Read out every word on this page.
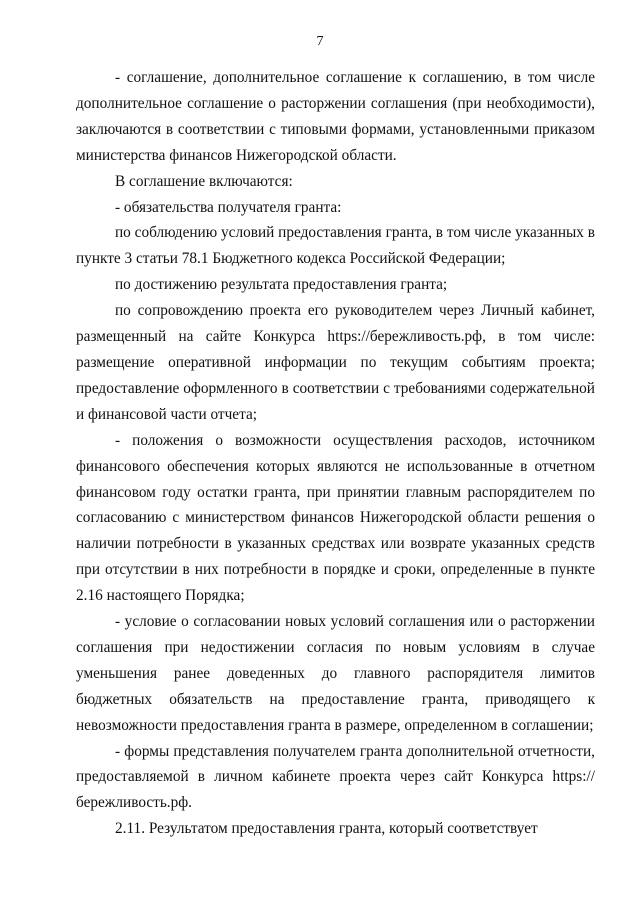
7

- соглашение, дополнительное соглашение к соглашению, в том числе дополнительное соглашение о расторжении соглашения (при необходимости), заключаются в соответствии с типовыми формами, установленными приказом министерства финансов Нижегородской области.

В соглашение включаются:

- обязательства получателя гранта:

по соблюдению условий предоставления гранта, в том числе указанных в пункте 3 статьи 78.1 Бюджетного кодекса Российской Федерации;

по достижению результата предоставления гранта;

по сопровождению проекта его руководителем через Личный кабинет, размещенный на сайте Конкурса https://бережливость.рф, в том числе: размещение оперативной информации по текущим событиям проекта; предоставление оформленного в соответствии с требованиями содержательной и финансовой части отчета;

- положения о возможности осуществления расходов, источником финансового обеспечения которых являются не использованные в отчетном финансовом году остатки гранта, при принятии главным распорядителем по согласованию с министерством финансов Нижегородской области решения о наличии потребности в указанных средствах или возврате указанных средств при отсутствии в них потребности в порядке и сроки, определенные в пункте 2.16 настоящего Порядка;

- условие о согласовании новых условий соглашения или о расторжении соглашения при недостижении согласия по новым условиям в случае уменьшения ранее доведенных до главного распорядителя лимитов бюджетных обязательств на предоставление гранта, приводящего к невозможности предоставления гранта в размере, определенном в соглашении;

- формы представления получателем гранта дополнительной отчетности, предоставляемой в личном кабинете проекта через сайт Конкурса https://бережливость.рф.

2.11. Результатом предоставления гранта, который соответствует
